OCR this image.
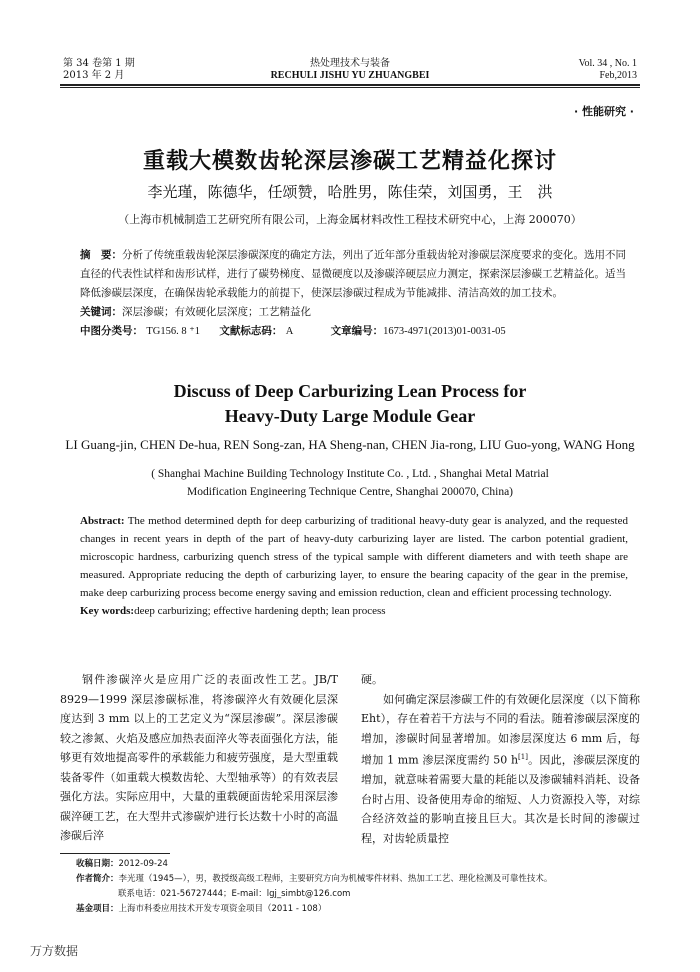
第 34 卷第 1 期
2013 年 2 月
热处理技术与装备
RECHULI JISHU YU ZHUANGBEI
Vol. 34 , No. 1
Feb,2013
· 性能研究 ·
重载大模数齿轮深层渗碳工艺精益化探讨
李光瑾，陈德华，任颂赞，哈胜男，陈佳荣，刘国勇，王　洪
（上海市机械制造工艺研究所有限公司，上海金属材料改性工程技术研究中心，上海 200070）
摘　要：分析了传统重载齿轮深层渗碳深度的确定方法，列出了近年部分重载齿轮对渗碳层深度要求的变化。选用不同直径的代表性试样和齿形试样，进行了碳势梯度、显微硬度以及渗碳淬硬层应力测定，探索深层渗碳工艺精益化。适当降低渗碳层深度，在确保齿轮承载能力的前提下，使深层渗碳过程成为节能减排、清洁高效的加工技术。
关键词：深层渗碳；有效硬化层深度；工艺精益化
中图分类号： TG156. 8 ⁺1 文献标志码： A	文章编号：1673-4971(2013)01-0031-05
Discuss of Deep Carburizing Lean Process for
Heavy-Duty Large Module Gear
LI Guang-jin, CHEN De-hua, REN Song-zan, HA Sheng-nan, CHEN Jia-rong, LIU Guo-yong, WANG Hong
( Shanghai Machine Building Technology Institute Co. , Ltd. , Shanghai Metal Matrial
Modification Engineering Technique Centre, Shanghai 200070, China)
Abstract: The method determined depth for deep carburizing of traditional heavy-duty gear is analyzed, and the requested changes in recent years in depth of the part of heavy-duty carburizing layer are listed. The carbon potential gradient, microscopic hardness, carburizing quench stress of the typical sample with different diameters and with teeth shape are measured. Appropriate reducing the depth of carburizing layer, to ensure the bearing capacity of the gear in the premise, make deep carburizing process become energy saving and emission reduction, clean and efficient processing technology.
Key words:deep carburizing; effective hardening depth; lean process
钢件渗碳淬火是应用广泛的表面改性工艺。JB/T 8929—1999 深层渗碳标准，将渗碳淬火有效硬化层深度达到 3 mm 以上的工艺定义为“深层渗碳”。深层渗碳较之渗氮、火焰及感应加热表面淬火等表面强化方法，能够更有效地提高零件的承载能力和疲劳强度，是大型重载装备零件（如重载大模数齿轮、大型轴承等）的有效表层强化方法。实际应用中，大量的重载硬面齿轮采用深层渗碳淬硬工艺，在大型井式渗碳炉进行长达数十小时的高温渗碳后淬
硬。
如何确定深层渗碳工件的有效硬化层深度（以下简称 Eht），存在着若干方法与不同的看法。随着渗碳层深度的增加，渗碳时间显著增加。如渗层深度达 6 mm 后，每增加 1 mm 渗层深度需约 50 h[1]。因此，渗碳层深度的增加，就意味着需要大量的耗能以及渗碳辅料消耗、设备台时占用、设备使用寿命的缩短、人力资源投入等，对综合经济效益的影响直接且巨大。其次是长时间的渗碳过程，对齿轮质量控
收稿日期：2012-09-24
作者简介：李光瑾（1945—），男，教授级高级工程师，主要研究方向为机械零件材料、热加工工艺、理化检测及可靠性技术。
联系电话：021-56727444；E-mail：lgj_simbt@126.com
基金项目：上海市科委应用技术开发专项资金项目（2011 - 108）
万方数据
